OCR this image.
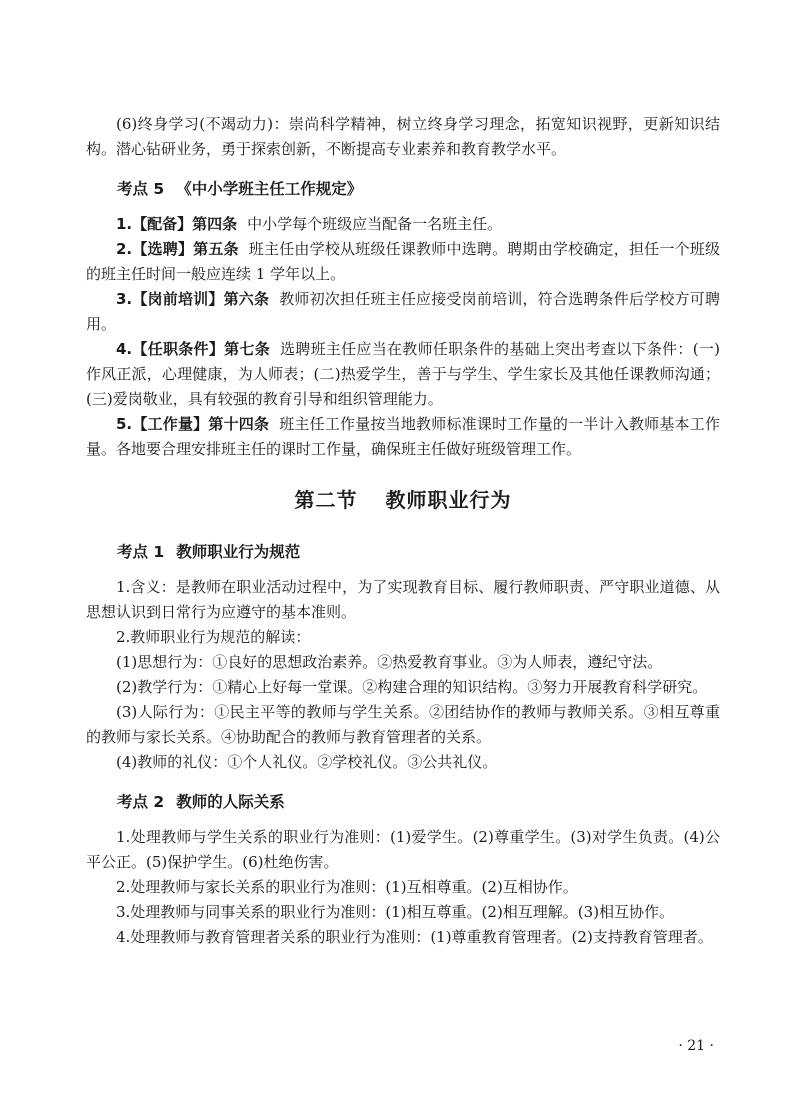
(6)终身学习(不竭动力)：崇尚科学精神，树立终身学习理念，拓宽知识视野，更新知识结构。潜心钻研业务，勇于探索创新，不断提高专业素养和教育教学水平。

考点 5 《中小学班主任工作规定》

1.【配备】第四条 中小学每个班级应当配备一名班主任。

2.【选聘】第五条 班主任由学校从班级任课教师中选聘。聘期由学校确定，担任一个班级的班主任时间一般应连续 1 学年以上。

3.【岗前培训】第六条 教师初次担任班主任应接受岗前培训，符合选聘条件后学校方可聘用。

4.【任职条件】第七条 选聘班主任应当在教师任职条件的基础上突出考查以下条件：(一)作风正派，心理健康，为人师表；(二)热爱学生，善于与学生、学生家长及其他任课教师沟通；(三)爱岗敬业，具有较强的教育引导和组织管理能力。

5.【工作量】第十四条 班主任工作量按当地教师标准课时工作量的一半计入教师基本工作量。各地要合理安排班主任的课时工作量，确保班主任做好班级管理工作。

第二节 教师职业行为
考点 1 教师职业行为规范

1.含义：是教师在职业活动过程中，为了实现教育目标、履行教师职责、严守职业道德、从思想认识到日常行为应遵守的基本准则。

2.教师职业行为规范的解读：

(1)思想行为：①良好的思想政治素养。②热爱教育事业。③为人师表，遵纪守法。

(2)教学行为：①精心上好每一堂课。②构建合理的知识结构。③努力开展教育科学研究。

(3)人际行为：①民主平等的教师与学生关系。②团结协作的教师与教师关系。③相互尊重的教师与家长关系。④协助配合的教师与教育管理者的关系。

(4)教师的礼仪：①个人礼仪。②学校礼仪。③公共礼仪。

考点 2 教师的人际关系

1.处理教师与学生关系的职业行为准则：(1)爱学生。(2)尊重学生。(3)对学生负责。(4)公平公正。(5)保护学生。(6)杜绝伤害。

2.处理教师与家长关系的职业行为准则：(1)互相尊重。(2)互相协作。

3.处理教师与同事关系的职业行为准则：(1)相互尊重。(2)相互理解。(3)相互协作。

4.处理教师与教育管理者关系的职业行为准则：(1)尊重教育管理者。(2)支持教育管理者。

· 21 ·
